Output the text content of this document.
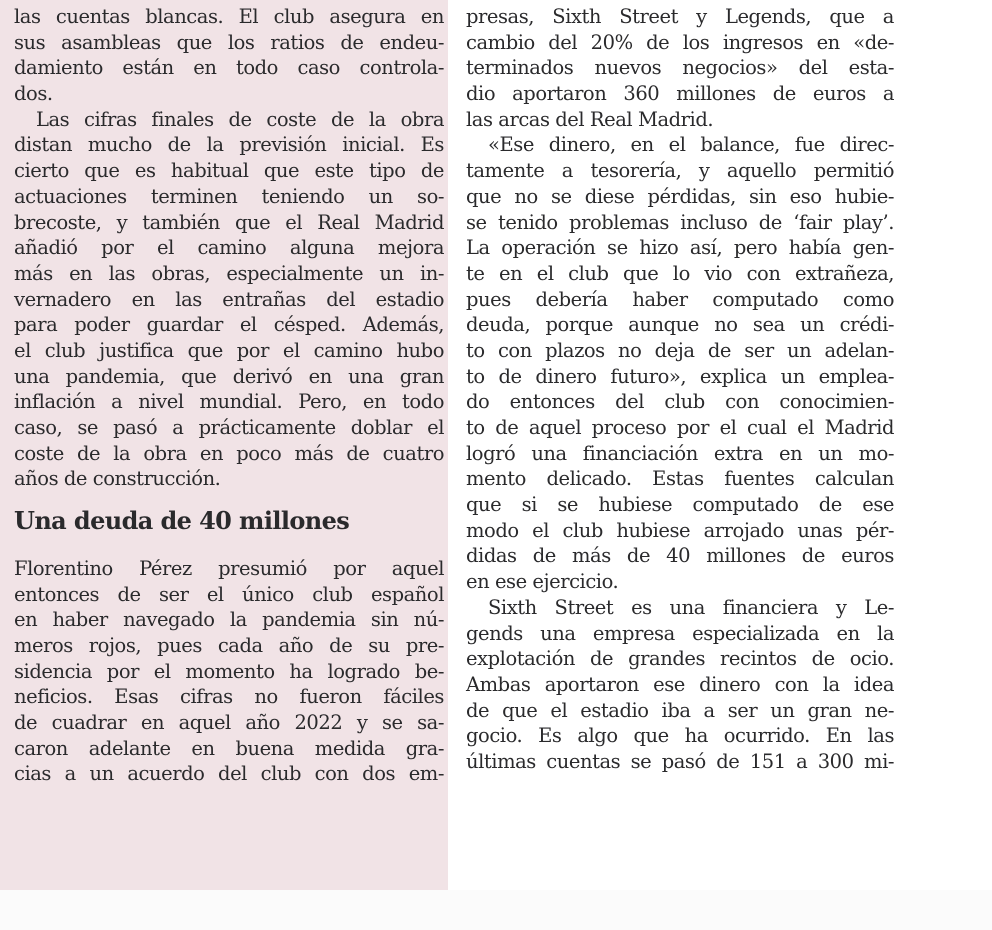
las cuentas blancas. El club asegura en
sus asambleas que los ratios de endeu-
damiento están en todo caso controla-
dos.
Las cifras finales de coste de la obra
distan mucho de la previsión inicial. Es
cierto que es habitual que este tipo de
actuaciones terminen teniendo un so-
brecoste, y también que el Real Madrid
añadió por el camino alguna mejora
más en las obras, especialmente un in-
vernadero en las entrañas del estadio
para poder guardar el césped. Además,
el club justifica que por el camino hubo
una pandemia, que derivó en una gran
inflación a nivel mundial. Pero, en todo
caso, se pasó a prácticamente doblar el
coste de la obra en poco más de cuatro
años de construcción.
Una deuda de 40 millones
Florentino Pérez presumió por aquel
entonces de ser el único club español
en haber navegado la pandemia sin nú-
meros rojos, pues cada año de su pre-
sidencia por el momento ha logrado be-
neficios. Esas cifras no fueron fáciles
de cuadrar en aquel año 2022 y se sa-
caron adelante en buena medida gra-
cias a un acuerdo del club con dos em-
presas, Sixth Street y Legends, que a
cambio del 20% de los ingresos en «de-
terminados nuevos negocios» del esta-
dio aportaron 360 millones de euros a
las arcas del Real Madrid.
«Ese dinero, en el balance, fue direc-
tamente a tesorería, y aquello permitió
que no se diese pérdidas, sin eso hubie-
se tenido problemas incluso de ‘fair play’.
La operación se hizo así, pero había gen-
te en el club que lo vio con extrañeza,
pues debería haber computado como
deuda, porque aunque no sea un crédi-
to con plazos no deja de ser un adelan-
to de dinero futuro», explica un emplea-
do entonces del club con conocimien-
to de aquel proceso por el cual el Madrid
logró una financiación extra en un mo-
mento delicado. Estas fuentes calculan
que si se hubiese computado de ese
modo el club hubiese arrojado unas pér-
didas de más de 40 millones de euros
en ese ejercicio.
Sixth Street es una financiera y Le-
gends una empresa especializada en la
explotación de grandes recintos de ocio.
Ambas aportaron ese dinero con la idea
de que el estadio iba a ser un gran ne-
gocio. Es algo que ha ocurrido. En las
últimas cuentas se pasó de 151 a 300 mi-
